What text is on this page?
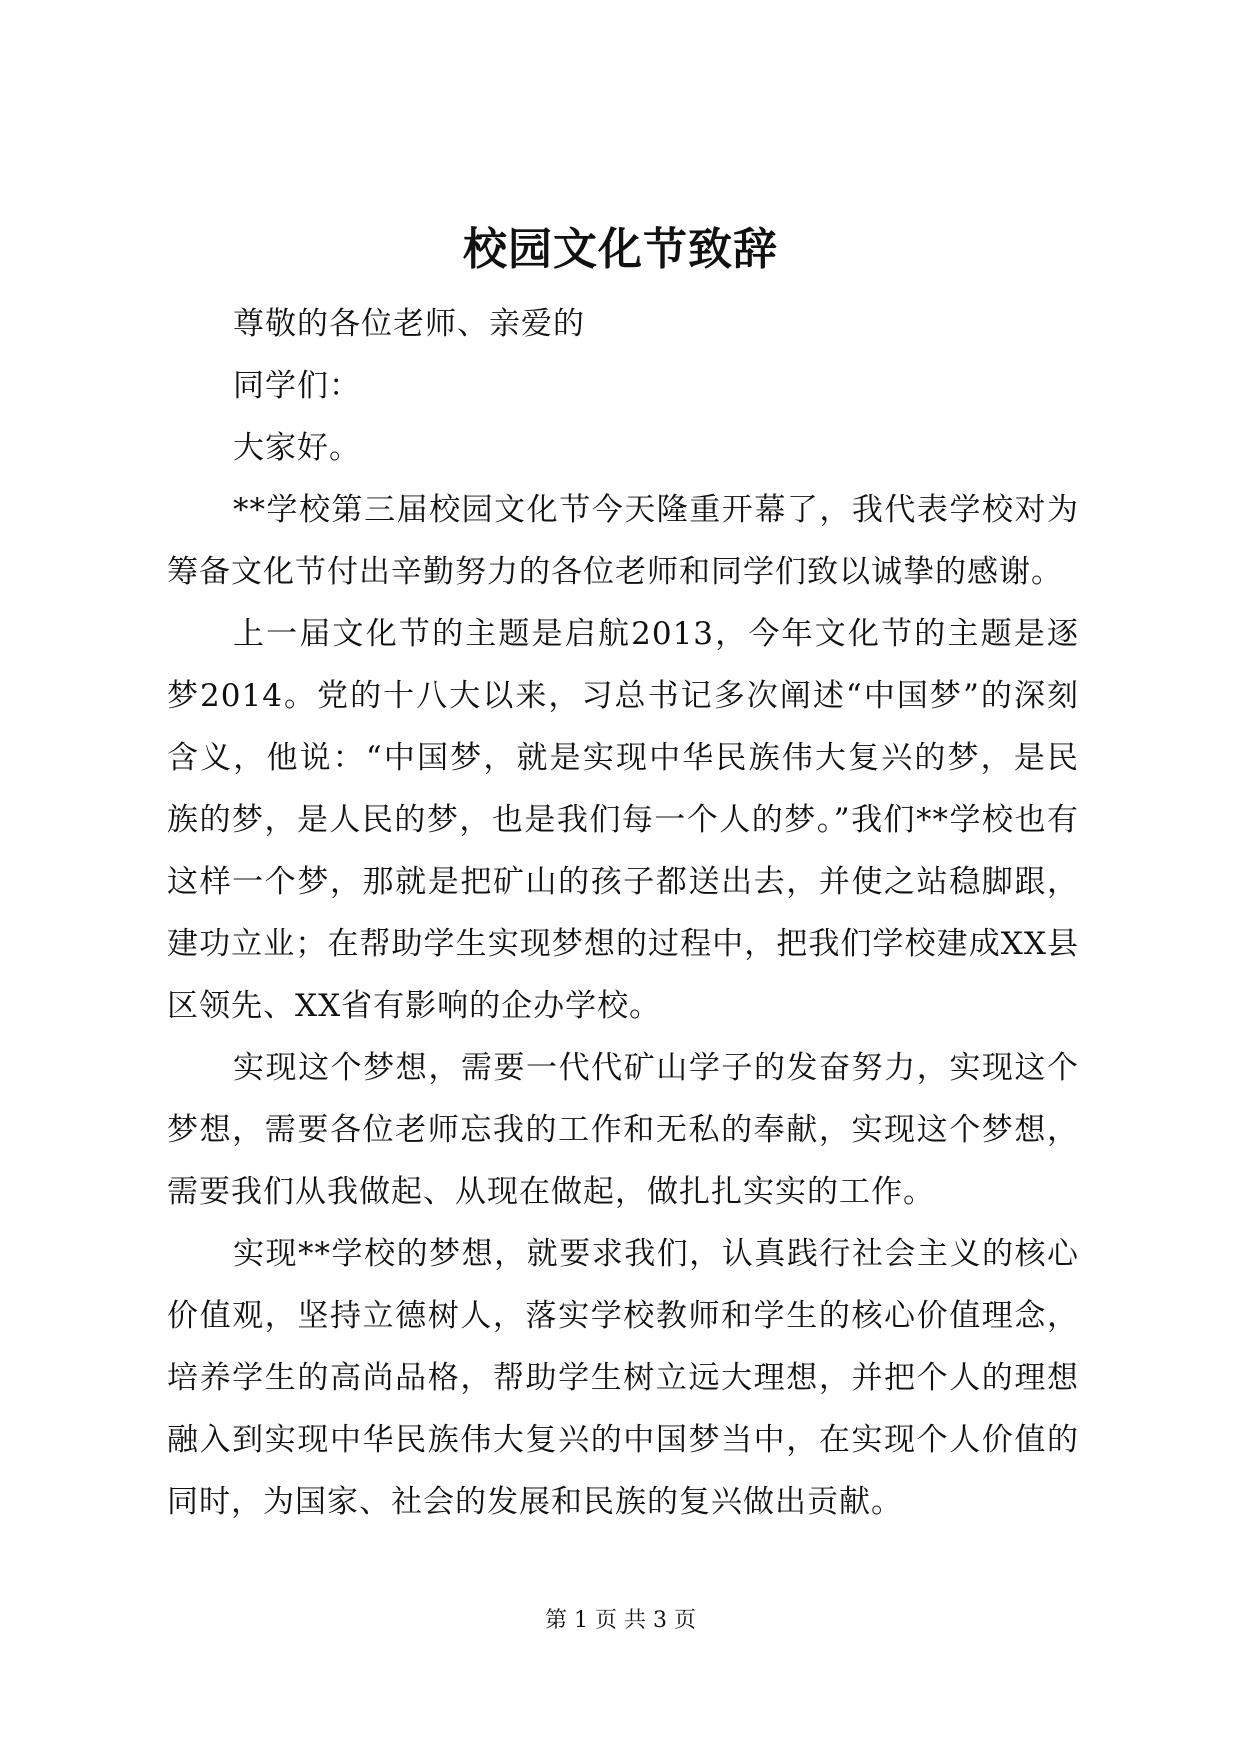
校园文化节致辞

尊敬的各位老师、亲爱的

同学们：

大家好。

**学校第三届校园文化节今天隆重开幕了，我代表学校对为筹备文化节付出辛勤努力的各位老师和同学们致以诚挚的感谢。

上一届文化节的主题是启航2013，今年文化节的主题是逐梦2014。党的十八大以来，习总书记多次阐述“中国梦”的深刻含义，他说：“中国梦，就是实现中华民族伟大复兴的梦，是民族的梦，是人民的梦，也是我们每一个人的梦。”我们**学校也有这样一个梦，那就是把矿山的孩子都送出去，并使之站稳脚跟，建功立业；在帮助学生实现梦想的过程中，把我们学校建成XX县区领先、XX省有影响的企办学校。

实现这个梦想，需要一代代矿山学子的发奋努力，实现这个梦想，需要各位老师忘我的工作和无私的奉献，实现这个梦想，需要我们从我做起、从现在做起，做扎扎实实的工作。

实现**学校的梦想，就要求我们，认真践行社会主义的核心价值观，坚持立德树人，落实学校教师和学生的核心价值理念，培养学生的高尚品格，帮助学生树立远大理想，并把个人的理想融入到实现中华民族伟大复兴的中国梦当中，在实现个人价值的同时，为国家、社会的发展和民族的复兴做出贡献。

第 1 页 共 3 页
